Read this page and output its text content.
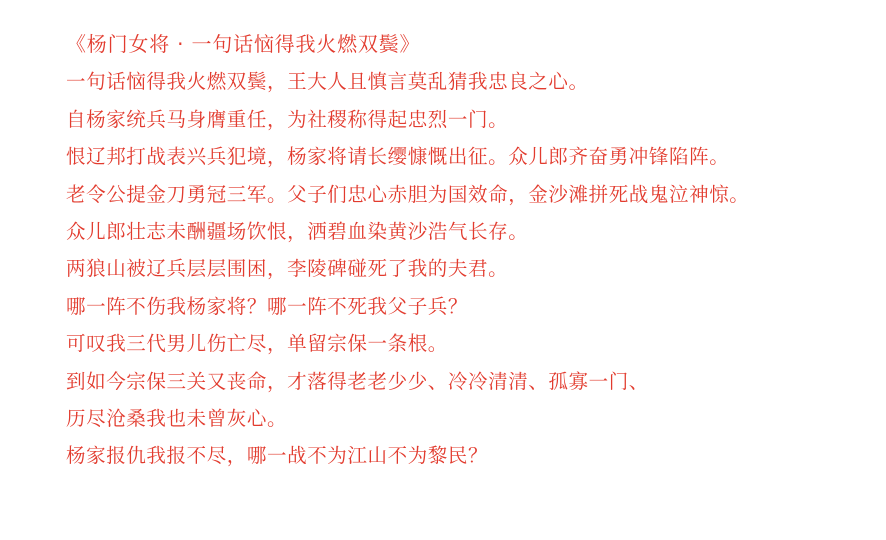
《杨门女将 · 一句话恼得我火燃双鬓》
一句话恼得我火燃双鬓，王大人且慎言莫乱猜我忠良之心。
自杨家统兵马身膺重任，为社稷称得起忠烈一门。
恨辽邦打战表兴兵犯境，杨家将请长缨慷慨出征。众儿郎齐奋勇冲锋陷阵。
老令公提金刀勇冠三军。父子们忠心赤胆为国效命，金沙滩拼死战鬼泣神惊。
众儿郎壮志未酬疆场饮恨，洒碧血染黄沙浩气长存。
两狼山被辽兵层层围困，李陵碑碰死了我的夫君。
哪一阵不伤我杨家将？哪一阵不死我父子兵？
可叹我三代男儿伤亡尽，单留宗保一条根。
到如今宗保三关又丧命，才落得老老少少、冷冷清清、孤寡一门、
历尽沧桑我也未曾灰心。
杨家报仇我报不尽，哪一战不为江山不为黎民？
